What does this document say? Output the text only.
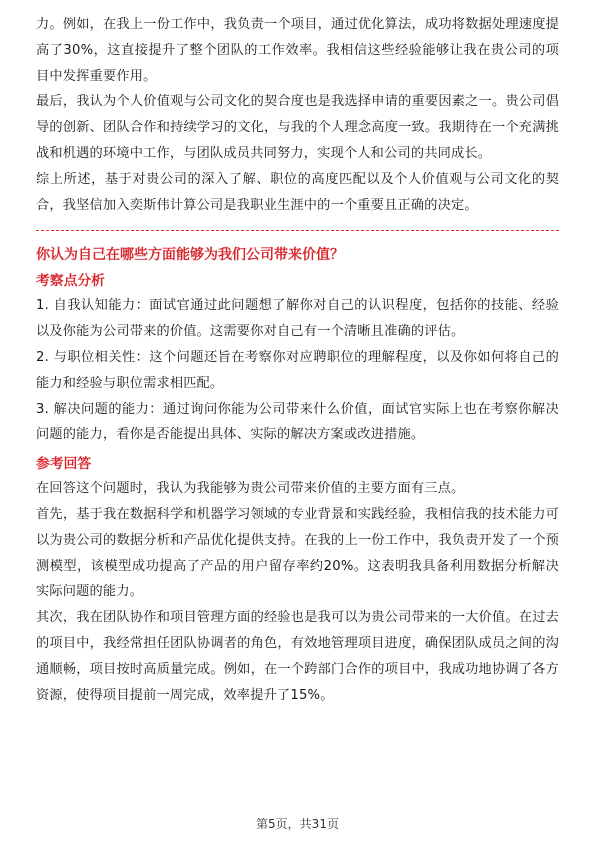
力。例如，在我上一份工作中，我负责一个项目，通过优化算法，成功将数据处理速度提高了30%，这直接提升了整个团队的工作效率。我相信这些经验能够让我在贵公司的项目中发挥重要作用。

最后，我认为个人价值观与公司文化的契合度也是我选择申请的重要因素之一。贵公司倡导的创新、团队合作和持续学习的文化，与我的个人理念高度一致。我期待在一个充满挑战和机遇的环境中工作，与团队成员共同努力，实现个人和公司的共同成长。

综上所述，基于对贵公司的深入了解、职位的高度匹配以及个人价值观与公司文化的契合，我坚信加入奕斯伟计算公司是我职业生涯中的一个重要且正确的决定。

你认为自己在哪些方面能够为我们公司带来价值？
考察点分析

1. 自我认知能力：面试官通过此问题想了解你对自己的认识程度，包括你的技能、经验以及你能为公司带来的价值。这需要你对自己有一个清晰且准确的评估。

2. 与职位相关性：这个问题还旨在考察你对应聘职位的理解程度，以及你如何将自己的能力和经验与职位需求相匹配。

3. 解决问题的能力：通过询问你能为公司带来什么价值，面试官实际上也在考察你解决问题的能力，看你是否能提出具体、实际的解决方案或改进措施。

参考回答

在回答这个问题时，我认为我能够为贵公司带来价值的主要方面有三点。

首先，基于我在数据科学和机器学习领域的专业背景和实践经验，我相信我的技术能力可以为贵公司的数据分析和产品优化提供支持。在我的上一份工作中，我负责开发了一个预测模型，该模型成功提高了产品的用户留存率约20%。这表明我具备利用数据分析解决实际问题的能力。

其次，我在团队协作和项目管理方面的经验也是我可以为贵公司带来的一大价值。在过去的项目中，我经常担任团队协调者的角色，有效地管理项目进度，确保团队成员之间的沟通顺畅，项目按时高质量完成。例如，在一个跨部门合作的项目中，我成功地协调了各方资源，使得项目提前一周完成，效率提升了15%。

第5页，共31页
